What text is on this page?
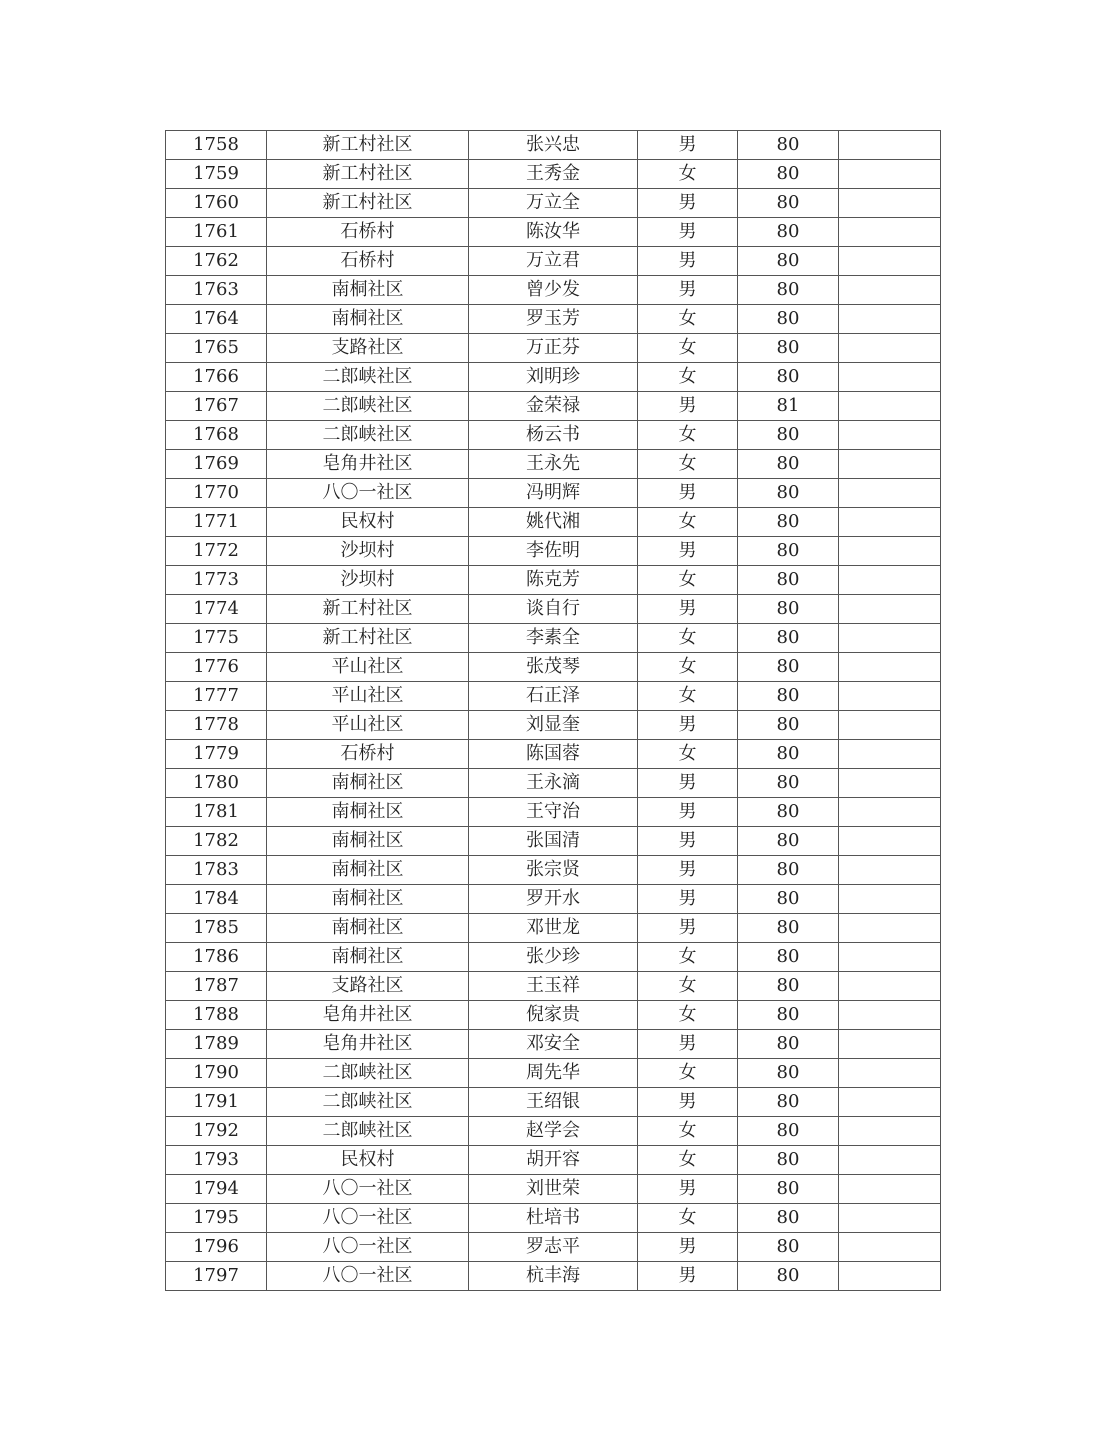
1758	新工村社区	张兴忠	男	80	
1759	新工村社区	王秀金	女	80	
1760	新工村社区	万立全	男	80	
1761	石桥村	陈汝华	男	80	
1762	石桥村	万立君	男	80	
1763	南桐社区	曾少发	男	80	
1764	南桐社区	罗玉芳	女	80	
1765	支路社区	万正芬	女	80	
1766	二郎峡社区	刘明珍	女	80	
1767	二郎峡社区	金荣禄	男	81	
1768	二郎峡社区	杨云书	女	80	
1769	皂角井社区	王永先	女	80	
1770	八〇一社区	冯明辉	男	80	
1771	民权村	姚代湘	女	80	
1772	沙坝村	李佐明	男	80	
1773	沙坝村	陈克芳	女	80	
1774	新工村社区	谈自行	男	80	
1775	新工村社区	李素全	女	80	
1776	平山社区	张茂琴	女	80	
1777	平山社区	石正泽	女	80	
1778	平山社区	刘显奎	男	80	
1779	石桥村	陈国蓉	女	80	
1780	南桐社区	王永滴	男	80	
1781	南桐社区	王守治	男	80	
1782	南桐社区	张国清	男	80	
1783	南桐社区	张宗贤	男	80	
1784	南桐社区	罗开水	男	80	
1785	南桐社区	邓世龙	男	80	
1786	南桐社区	张少珍	女	80	
1787	支路社区	王玉祥	女	80	
1788	皂角井社区	倪家贵	女	80	
1789	皂角井社区	邓安全	男	80	
1790	二郎峡社区	周先华	女	80	
1791	二郎峡社区	王绍银	男	80	
1792	二郎峡社区	赵学会	女	80	
1793	民权村	胡开容	女	80	
1794	八〇一社区	刘世荣	男	80	
1795	八〇一社区	杜培书	女	80	
1796	八〇一社区	罗志平	男	80	
1797	八〇一社区	杭丰海	男	80	
